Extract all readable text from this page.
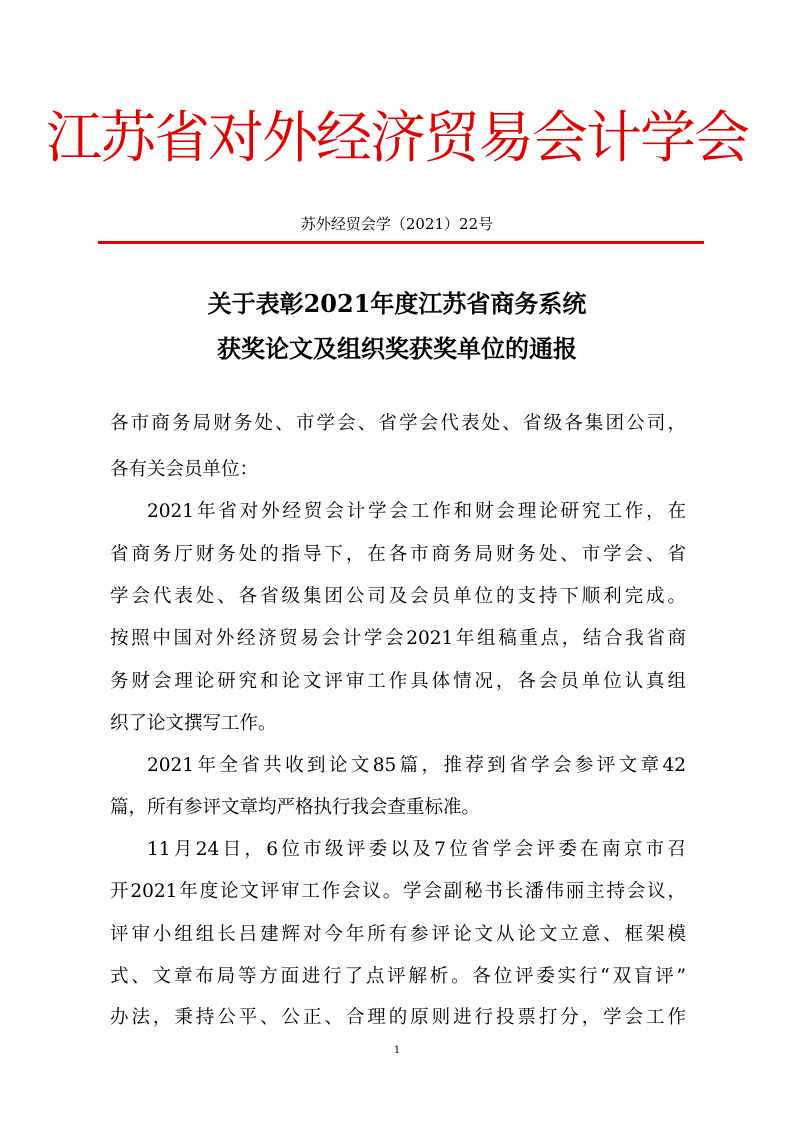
江苏省对外经济贸易会计学会
苏外经贸会学（2021）22号
关于表彰2021年度江苏省商务系统
获奖论文及组织奖获奖单位的通报
各市商务局财务处、市学会、省学会代表处、省级各集团公司，
各有关会员单位：
2021年省对外经贸会计学会工作和财会理论研究工作，在
省商务厅财务处的指导下，在各市商务局财务处、市学会、省
学会代表处、各省级集团公司及会员单位的支持下顺利完成。
按照中国对外经济贸易会计学会2021年组稿重点，结合我省商
务财会理论研究和论文评审工作具体情况，各会员单位认真组
织了论文撰写工作。
2021年全省共收到论文85篇，推荐到省学会参评文章42
篇，所有参评文章均严格执行我会查重标准。
11月24日，6位市级评委以及7位省学会评委在南京市召
开2021年度论文评审工作会议。学会副秘书长潘伟丽主持会议，
评审小组组长吕建辉对今年所有参评论文从论文立意、框架模
式、文章布局等方面进行了点评解析。各位评委实行“双盲评”
办法，秉持公平、公正、合理的原则进行投票打分，学会工作
1
